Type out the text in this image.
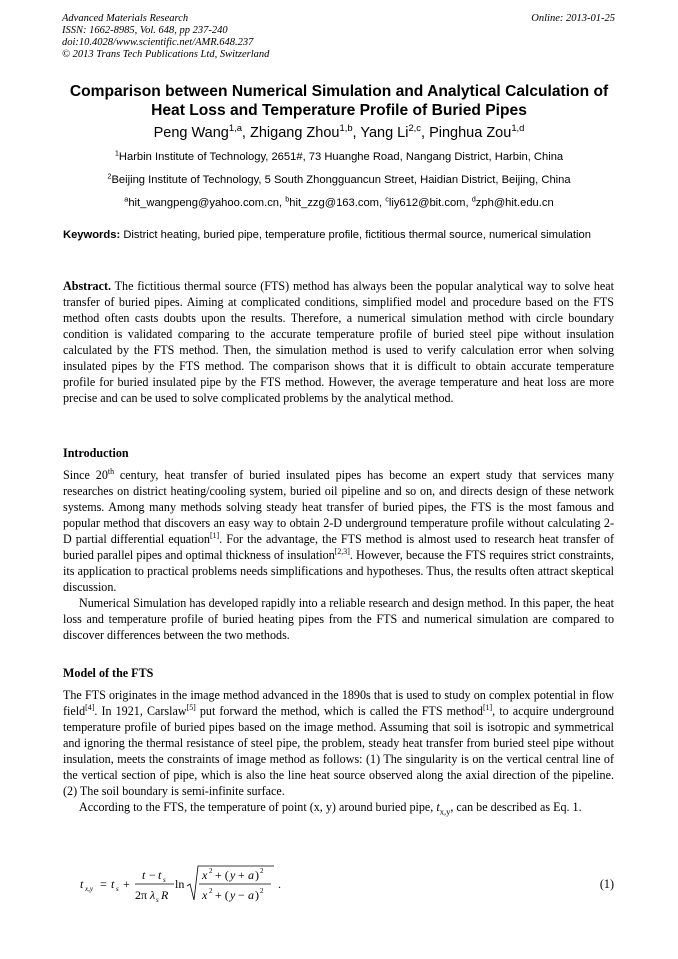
Advanced Materials Research
ISSN: 1662-8985, Vol. 648, pp 237-240
doi:10.4028/www.scientific.net/AMR.648.237
© 2013 Trans Tech Publications Ltd, Switzerland
Online: 2013-01-25
Comparison between Numerical Simulation and Analytical Calculation of
Heat Loss and Temperature Profile of Buried Pipes
Peng Wang$^{1,a}$, Zhigang Zhou$^{1,b}$, Yang Li$^{2,c}$, Pinghua Zou$^{1,d}$
$^1$Harbin Institute of Technology, 2651#, 73 Huanghe Road, Nangang District, Harbin, China
$^2$Beijing Institute of Technology, 5 South Zhongguancun Street, Haidian District, Beijing, China
$^a$hit_wangpeng@yahoo.com.cn, $^b$hit_zzg@163.com, $^c$liy612@bit.com, $^d$zph@hit.edu.cn
Keywords: District heating, buried pipe, temperature profile, fictitious thermal source, numerical simulation

Abstract. The fictitious thermal source (FTS) method has always been the popular analytical way to solve heat transfer of buried pipes. Aiming at complicated conditions, simplified model and procedure based on the FTS method often casts doubts upon the results. Therefore, a numerical simulation method with circle boundary condition is validated comparing to the accurate temperature profile of buried steel pipe without insulation calculated by the FTS method. Then, the simulation method is used to verify calculation error when solving insulated pipes by the FTS method. The comparison shows that it is difficult to obtain accurate temperature profile for buried insulated pipe by the FTS method. However, the average temperature and heat loss are more precise and can be used to solve complicated problems by the analytical method.

Introduction

Since 20th century, heat transfer of buried insulated pipes has become an expert study that services many researches on district heating/cooling system, buried oil pipeline and so on, and directs design of these network systems. Among many methods solving steady heat transfer of buried pipes, the FTS is the most famous and popular method that discovers an easy way to obtain 2-D underground temperature profile without calculating 2-D partial differential equation[1]. For the advantage, the FTS method is almost used to research heat transfer of buried parallel pipes and optimal thickness of insulation[2,3]. However, because the FTS requires strict constraints, its application to practical problems needs simplifications and hypotheses. Thus, the results often attract skeptical discussion.

Numerical Simulation has developed rapidly into a reliable research and design method. In this paper, the heat loss and temperature profile of buried heating pipes from the FTS and numerical simulation are compared to discover differences between the two methods.

Model of the FTS

The FTS originates in the image method advanced in the 1890s that is used to study on complex potential in flow field[4]. In 1921, Carslaw[5] put forward the method, which is called the FTS method[1], to acquire underground temperature profile of buried pipes based on the image method. Assuming that soil is isotropic and symmetrical and ignoring the thermal resistance of steel pipe, the problem, steady heat transfer from buried steel pipe without insulation, meets the constraints of image method as follows: (1) The singularity is on the vertical central line of the vertical section of pipe, which is also the line heat source observed along the axial direction of the pipeline. (2) The soil boundary is semi-infinite surface.

According to the FTS, the temperature of point (x, y) around buried pipe, $t_{x,y}$, can be described as Eq. 1.

t x,y = t s +
t − t s
2π λ s R
ln
x 2 + ( y + a ) 2
x 2 + ( y − a ) 2 .	(1)
